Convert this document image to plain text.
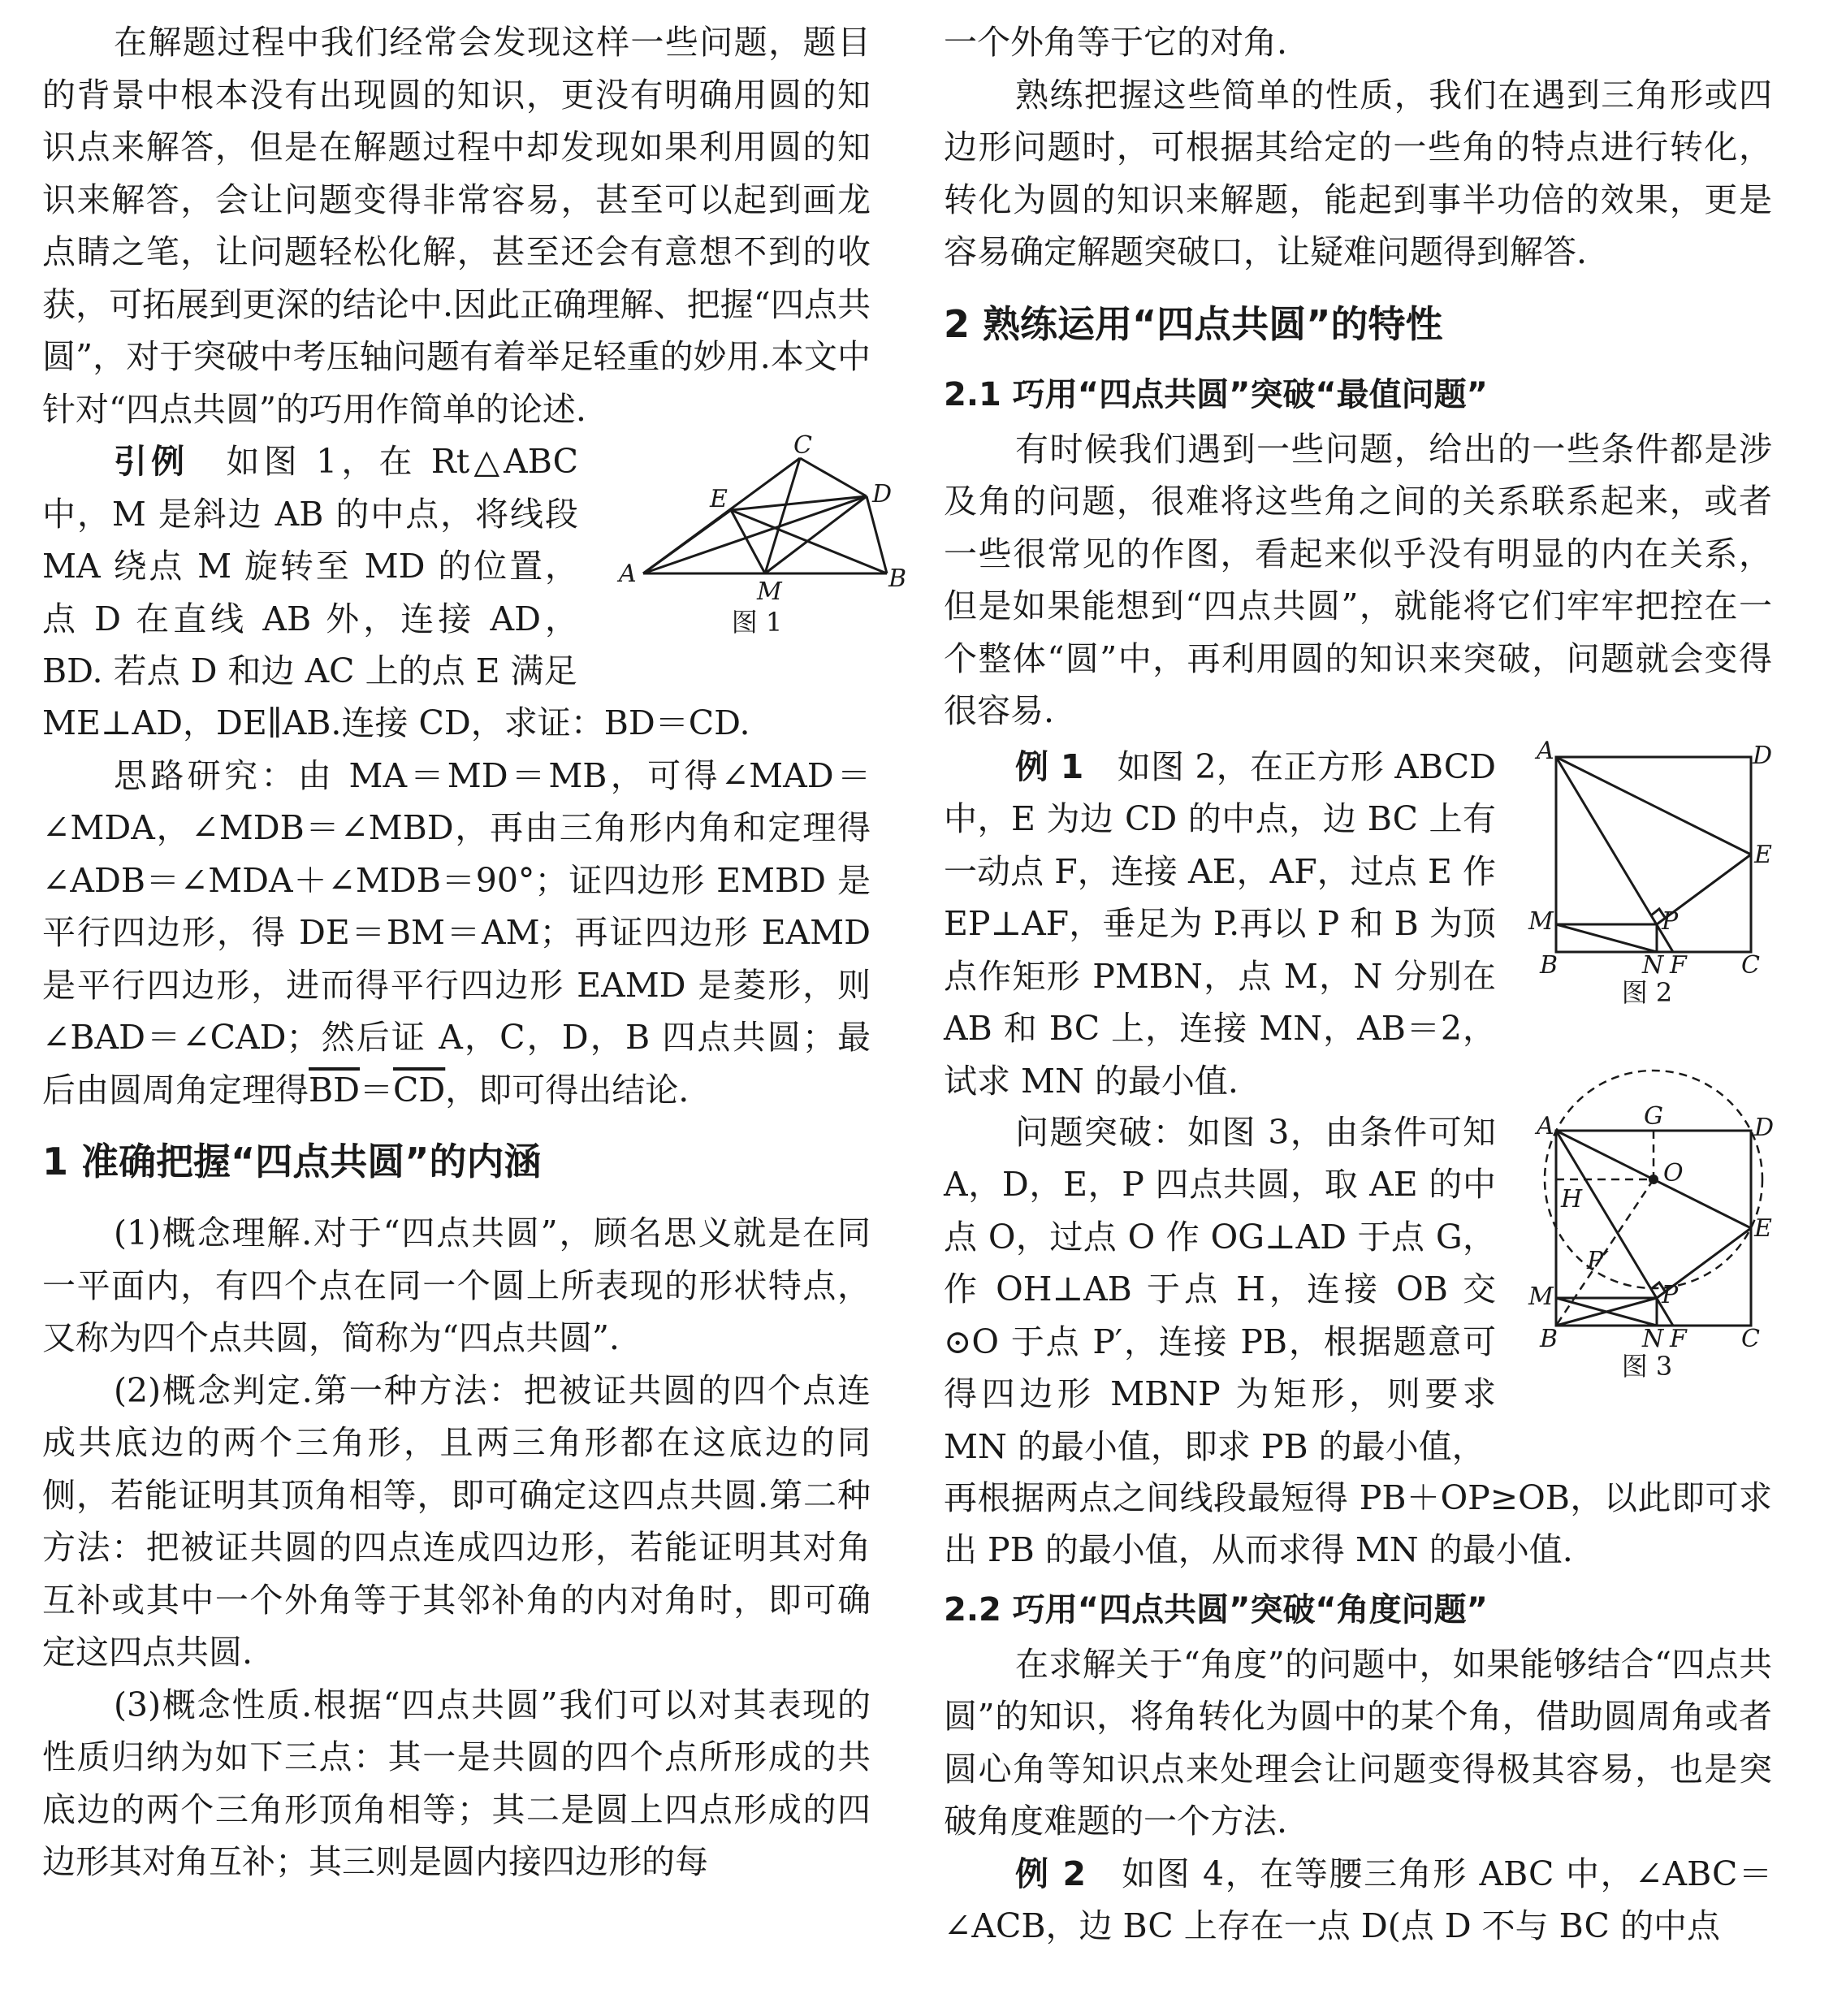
在解题过程中我们经常会发现这样一些问题，题目的背景中根本没有出现圆的知识，更没有明确用圆的知识点来解答，但是在解题过程中却发现如果利用圆的知识来解答，会让问题变得非常容易，甚至可以起到画龙点睛之笔，让问题轻松化解，甚至还会有意想不到的收获，可拓展到更深的结论中.因此正确理解、把握“四点共圆”，对于突破中考压轴问题有着举足轻重的妙用.本文中针对“四点共圆”的巧用作简单的论述.

引例　 如图 1，在 Rt△ABC 中，M 是斜边 AB 的中点，将线段 MA 绕点 M 旋转至 MD 的位置，点 D 在直线 AB 外，连接 AD，BD. 若点 D 和边 AC 上的点 E 满足

C
E	D
A
M	B
图 1

ME⊥AD，DE∥AB.连接 CD，求证：BD＝CD.

思路研究：由 MA＝MD＝MB，可得∠MAD＝∠MDA，∠MDB＝∠MBD，再由三角形内角和定理得∠ADB＝∠MDA＋∠MDB＝90°；证四边形 EMBD 是平行四边形，得 DE＝BM＝AM；再证四边形 EAMD 是平行四边形，进而得平行四边形 EAMD 是菱形，则∠BAD＝∠CAD；然后证 A，C，D，B 四点共圆；最后由圆周角定理得$\overline{BD}=\overline{CD}$，即可得出结论.

1 准确把握“四点共圆”的内涵

(1)概念理解.对于“四点共圆”，顾名思义就是在同一平面内，有四个点在同一个圆上所表现的形状特点，又称为四个点共圆，简称为“四点共圆”.

(2)概念判定.第一种方法：把被证共圆的四个点连成共底边的两个三角形，且两三角形都在这底边的同侧，若能证明其顶角相等，即可确定这四点共圆.第二种方法：把被证共圆的四点连成四边形，若能证明其对角互补或其中一个外角等于其邻补角的内对角时，即可确定这四点共圆.

(3)概念性质.根据“四点共圆”我们可以对其表现的性质归纳为如下三点：其一是共圆的四个点所形成的共底边的两个三角形顶角相等；其二是圆上四点形成的四边形其对角互补；其三则是圆内接四边形的每

一个外角等于它的对角.

熟练把握这些简单的性质，我们在遇到三角形或四边形问题时，可根据其给定的一些角的特点进行转化，转化为圆的知识来解题，能起到事半功倍的效果，更是容易确定解题突破口，让疑难问题得到解答.

2 熟练运用“四点共圆”的特性
2.1 巧用“四点共圆”突破“最值问题”

有时候我们遇到一些问题，给出的一些条件都是涉及角的问题，很难将这些角之间的关系联系起来，或者一些很常见的作图，看起来似乎没有明显的内在关系，但是如果能想到“四点共圆”，就能将它们牢牢把控在一个整体“圆”中，再利用圆的知识来突破，问题就会变得很容易.

例 1　 如图 2，在正方形 ABCD 中，E 为边 CD 的中点，边 BC 上有一动点 F，连接 AE，AF，过点 E 作 EP⊥AF，垂足为 P.再以 P 和 B 为顶点作矩形 PMBN，点 M，N 分别在 AB 和 BC 上，连接 MN，AB＝2，试求 MN 的最小值.

A	D
E
M	P
B	N F C
图 2

问题突破：如图 3，由条件可知 A，D，E，P 四点共圆，取 AE 的中点 O，过点 O 作 OG⊥AD 于点 G，作 OH⊥AB 于点 H，连接 OB 交⊙O 于点 P′，连接 PB，根据题意可得四边形 MBNP 为矩形，则要求 MN 的最小值，即求 PB 的最小值，

A	G	D
O
H
E
P′
M	P
B	N F C
图 3

再根据两点之间线段最短得 PB＋OP≥OB，以此即可求出 PB 的最小值，从而求得 MN 的最小值.

2.2 巧用“四点共圆”突破“角度问题”

在求解关于“角度”的问题中，如果能够结合“四点共圆”的知识，将角转化为圆中的某个角，借助圆周角或者圆心角等知识点来处理会让问题变得极其容易，也是突破角度难题的一个方法.

例 2　 如图 4，在等腰三角形 ABC 中，∠ABC＝∠ACB，边 BC 上存在一点 D(点 D 不与 BC 的中点
